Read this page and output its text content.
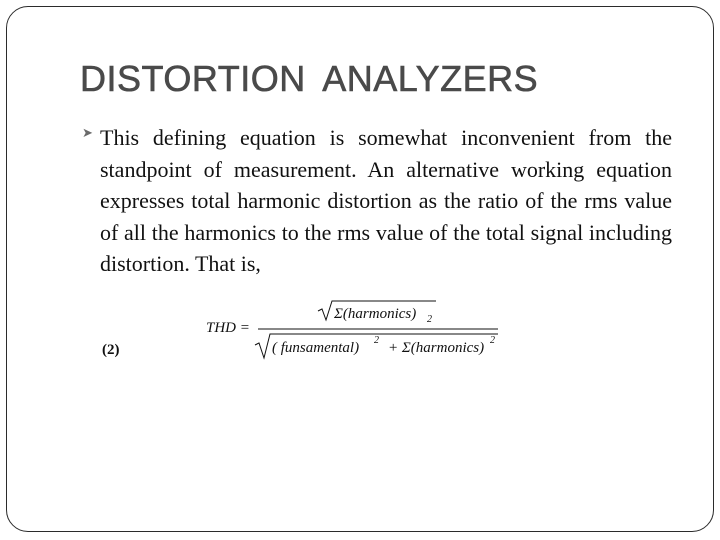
DISTORTION ANALYZERS
➤ This defining equation is somewhat inconvenient from the standpoint of measurement. An alternative working equation expresses total harmonic distortion as the ratio of the rms value of all the harmonics to the rms value of the total signal including distortion. That is,
(2)
THD =
Σ(harmonics) 2
( funsamental) 2 + Σ(harmonics) 2
